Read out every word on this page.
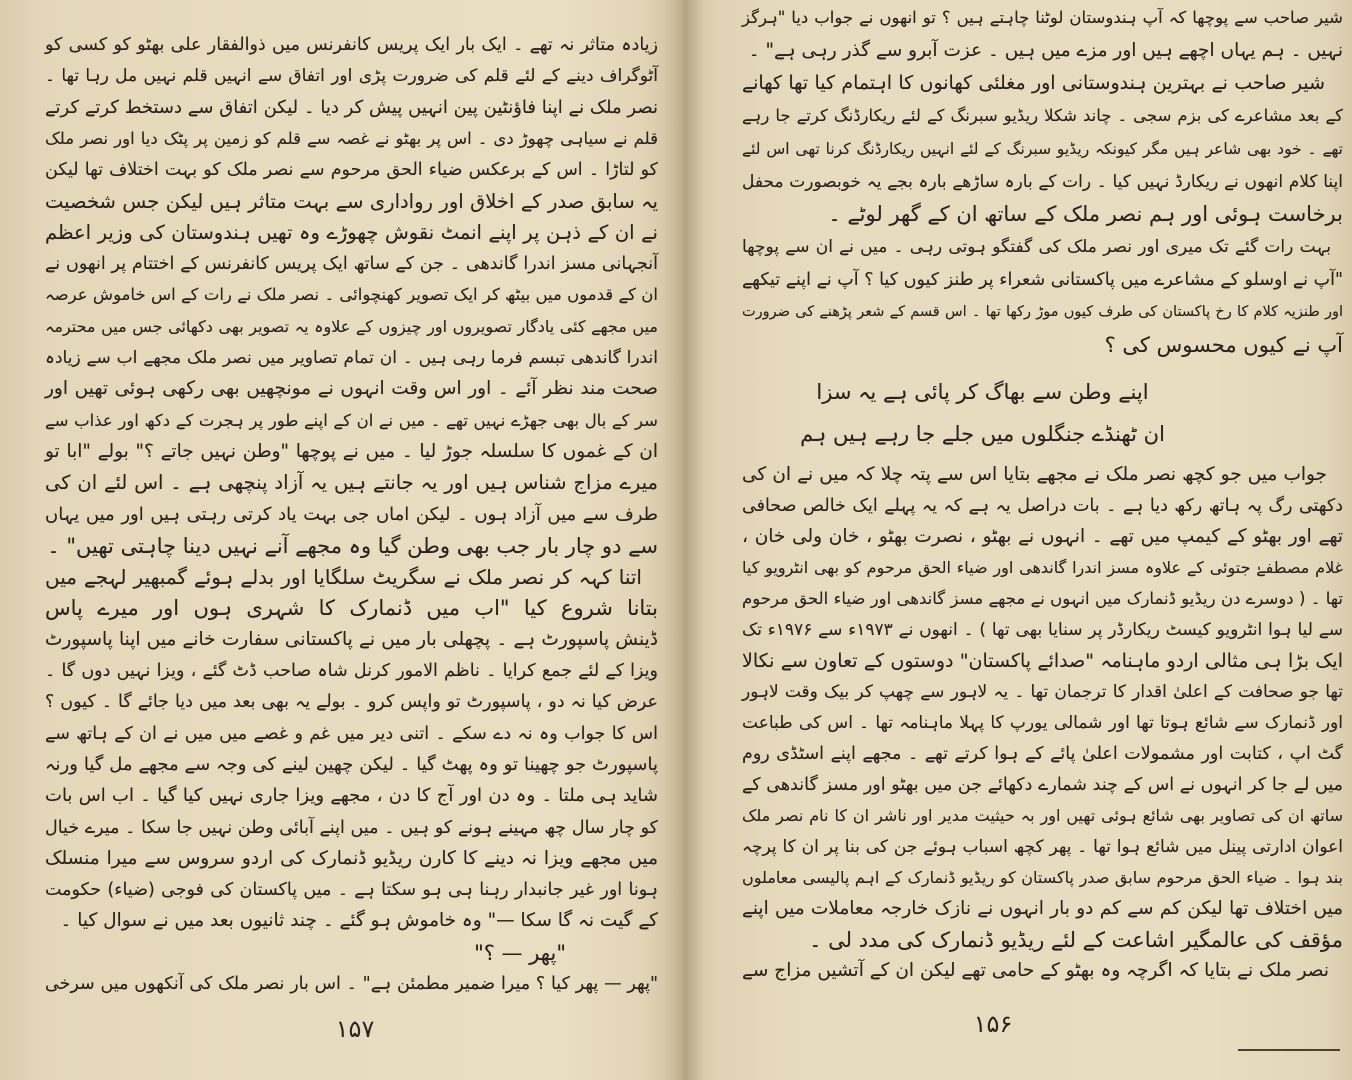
۱۵۷
زیادہ متاثر نہ تھے ۔ ایک بار ایک پریس کانفرنس میں ذوالفقار علی بھٹو کو کسی کو
آٹوگراف دینے کے لئے قلم کی ضرورت پڑی اور اتفاق سے انہیں قلم نہیں مل رہا تھا ۔
نصر ملک نے اپنا فاؤنٹین پین انہیں پیش کر دیا ۔ لیکن اتفاق سے دستخط کرتے کرتے
قلم نے سیاہی چھوڑ دی ۔ اس پر بھٹو نے غصہ سے قلم کو زمین پر پٹک دیا اور نصر ملک
کو لتاڑا ۔ اس کے برعکس ضیاء الحق مرحوم سے نصر ملک کو بہت اختلاف تھا لیکن
یہ سابق صدر کے اخلاق اور رواداری سے بہت متاثر ہیں لیکن جس شخصیت
نے ان کے ذہن پر اپنے انمٹ نقوش چھوڑے وہ تھیں ہندوستان کی وزیر اعظم
آنجہانی مسز اندرا گاندھی ۔ جن کے ساتھ ایک پریس کانفرنس کے اختتام پر انھوں نے
ان کے قدموں میں بیٹھ کر ایک تصویر کھنچوائی ۔ نصر ملک نے رات کے اس خاموش عرصہ
میں مجھے کئی یادگار تصویروں اور چیزوں کے علاوہ یہ تصویر بھی دکھائی جس میں محترمہ
اندرا گاندھی تبسم فرما رہی ہیں ۔ ان تمام تصاویر میں نصر ملک مجھے اب سے زیادہ
صحت مند نظر آئے ۔ اور اس وقت انہوں نے مونچھیں بھی رکھی ہوئی تھیں اور
سر کے بال بھی جھڑے نہیں تھے ۔ میں نے ان کے اپنے طور پر ہجرت کے دکھ اور عذاب سے
ان کے غموں کا سلسلہ جوڑ لیا ۔ میں نے پوچھا "وطن نہیں جاتے ؟" بولے "ابا تو
میرے مزاج شناس ہیں اور یہ جانتے ہیں یہ آزاد پنچھی ہے ۔ اس لئے ان کی
طرف سے میں آزاد ہوں ۔ لیکن اماں جی بہت یاد کرتی رہتی ہیں اور میں یہاں
سے دو چار بار جب بھی وطن گیا وہ مجھے آنے نہیں دینا چاہتی تھیں" ۔
اتنا کہہ کر نصر ملک نے سگریٹ سلگایا اور بدلے ہوئے گمبھیر لہجے میں
بتانا شروع کیا "اب میں ڈنمارک کا شہری ہوں اور میرے پاس
ڈینش پاسپورٹ ہے ۔ پچھلی بار میں نے پاکستانی سفارت خانے میں اپنا پاسپورٹ
ویزا کے لئے جمع کرایا ۔ ناظم الامور کرنل شاہ صاحب ڈٹ گئے ، ویزا نہیں دوں گا ۔
عرض کیا نہ دو ، پاسپورٹ تو واپس کرو ۔ بولے یہ بھی بعد میں دیا جائے گا ۔ کیوں ؟
اس کا جواب وہ نہ دے سکے ۔ اتنی دیر میں غم و غصے میں میں نے ان کے ہاتھ سے
پاسپورٹ جو چھینا تو وہ پھٹ گیا ۔ لیکن چھین لینے کی وجہ سے مجھے مل گیا ورنہ
شاید ہی ملتا ۔ وہ دن اور آج کا دن ، مجھے ویزا جاری نہیں کیا گیا ۔ اب اس بات
کو چار سال چھ مہینے ہونے کو ہیں ۔ میں اپنے آبائی وطن نہیں جا سکا ۔ میرے خیال
میں مجھے ویزا نہ دینے کا کارن ریڈیو ڈنمارک کی اردو سروس سے میرا منسلک
ہونا اور غیر جانبدار رہنا ہی ہو سکتا ہے ۔ میں پاکستان کی فوجی (ضیاء) حکومت
کے گیت نہ گا سکا —" وہ خاموش ہو گئے ۔ چند ثانیوں بعد میں نے سوال کیا ۔
"پھر — ؟"
"پھر — پھر کیا ؟ میرا ضمیر مطمئن ہے" ۔ اس بار نصر ملک کی آنکھوں میں سرخی
۱۵۶
شیر صاحب سے پوچھا کہ آپ ہندوستان لوٹنا چاہتے ہیں ؟ تو انھوں نے جواب دیا "ہرگز
نہیں ۔ ہم یہاں اچھے ہیں اور مزے میں ہیں ۔ عزت آبرو سے گذر رہی ہے" ۔
شیر صاحب نے بہترین ہندوستانی اور مغلئی کھانوں کا اہتمام کیا تھا کھانے
کے بعد مشاعرے کی بزم سجی ۔ چاند شکلا ریڈیو سبرنگ کے لئے ریکارڈنگ کرتے جا رہے
تھے ۔ خود بھی شاعر ہیں مگر کیونکہ ریڈیو سبرنگ کے لئے انہیں ریکارڈنگ کرنا تھی اس لئے
اپنا کلام انھوں نے ریکارڈ نہیں کیا ۔ رات کے بارہ ساڑھے بارہ بجے یہ خوبصورت محفل
برخاست ہوئی اور ہم نصر ملک کے ساتھ ان کے گھر لوٹے ۔
بہت رات گئے تک میری اور نصر ملک کی گفتگو ہوتی رہی ۔ میں نے ان سے پوچھا
"آپ نے اوسلو کے مشاعرے میں پاکستانی شعراء پر طنز کیوں کیا ؟ آپ نے اپنے تیکھے
اور طنزیہ کلام کا رخ پاکستان کی طرف کیوں موڑ رکھا تھا ۔ اس قسم کے شعر پڑھنے کی ضرورت
آپ نے کیوں محسوس کی ؟
اپنے وطن سے بھاگ کر پائی ہے یہ سزا
ان ٹھنڈے جنگلوں میں جلے جا رہے ہیں ہم
جواب میں جو کچھ نصر ملک نے مجھے بتایا اس سے پتہ چلا کہ میں نے ان کی
دکھتی رگ پہ ہاتھ رکھ دیا ہے ۔ بات دراصل یہ ہے کہ یہ پہلے ایک خالص صحافی
تھے اور بھٹو کے کیمپ میں تھے ۔ انہوں نے بھٹو ، نصرت بھٹو ، خان ولی خان ،
غلام مصطفےٰ جتوئی کے علاوہ مسز اندرا گاندھی اور ضیاء الحق مرحوم کو بھی انٹرویو کیا
تھا ۔ ( دوسرے دن ریڈیو ڈنمارک میں انہوں نے مجھے مسز گاندھی اور ضیاء الحق مرحوم
سے لیا ہوا انٹرویو کیسٹ ریکارڈر پر سنایا بھی تھا ) ۔ انھوں نے ۱۹۷۳ء سے ۱۹۷۶ء تک
ایک بڑا ہی مثالی اردو ماہنامہ "صدائے پاکستان" دوستوں کے تعاون سے نکالا
تھا جو صحافت کے اعلیٰ اقدار کا ترجمان تھا ۔ یہ لاہور سے چھپ کر بیک وقت لاہور
اور ڈنمارک سے شائع ہوتا تھا اور شمالی یورپ کا پہلا ماہنامہ تھا ۔ اس کی طباعت
گٹ اپ ، کتابت اور مشمولات اعلیٰ پائے کے ہوا کرتے تھے ۔ مجھے اپنے اسٹڈی روم
میں لے جا کر انہوں نے اس کے چند شمارے دکھائے جن میں بھٹو اور مسز گاندھی کے
ساتھ ان کی تصاویر بھی شائع ہوئی تھیں اور بہ حیثیت مدیر اور ناشر ان کا نام نصر ملک
اعوان ادارتی پینل میں شائع ہوا تھا ۔ پھر کچھ اسباب ہوئے جن کی بنا پر ان کا پرچہ
بند ہوا ۔ ضیاء الحق مرحوم سابق صدر پاکستان کو ریڈیو ڈنمارک کے اہم پالیسی معاملوں
میں اختلاف تھا لیکن کم سے کم دو بار انہوں نے نازک خارجہ معاملات میں اپنے
مؤقف کی عالمگیر اشاعت کے لئے ریڈیو ڈنمارک کی مدد لی ۔
نصر ملک نے بتایا کہ اگرچہ وہ بھٹو کے حامی تھے لیکن ان کے آتشیں مزاج سے
